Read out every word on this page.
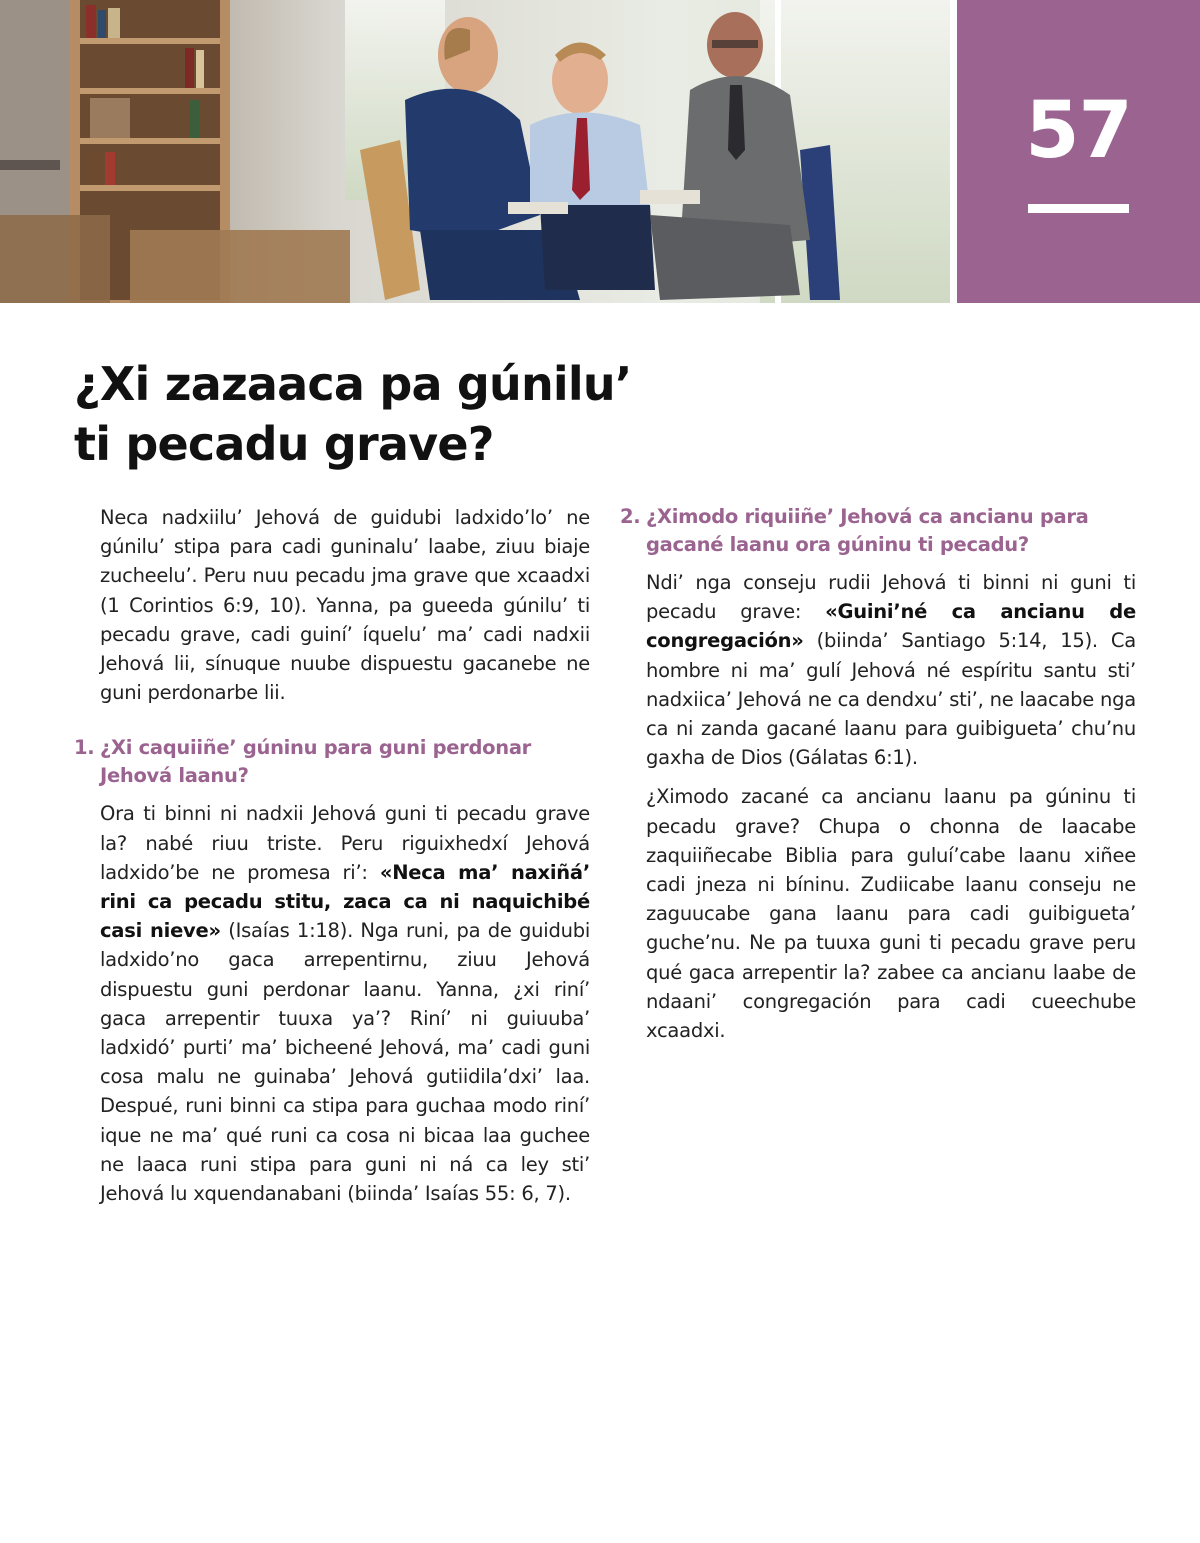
57
¿Xi zazaaca pa gúnilu’
ti pecadu grave?

Neca nadxiilu’ Jehová de guidubi ladxido’lo’ ne gúnilu’ stipa para cadi guninalu’ laabe, ziuu biaje zucheelu’. Peru nuu pecadu jma grave que xcaadxi (1 Corintios 6:9, 10). Yanna, pa gueeda gúnilu’ ti pecadu grave, cadi guiní’ íquelu’ ma’ cadi nadxii Jehová lii, sínuque nuube dispuestu gacanebe ne guni perdonarbe lii.

1. ¿Xi caquiiñe’ gúninu para guni perdonar Jehová laanu?

Ora ti binni ni nadxii Jehová guni ti pecadu grave la? nabé riuu triste. Peru riguixhedxí Jehová ladxido’be ne promesa ri’: «Neca ma’ naxiñá’ rini ca pecadu stitu, zaca ca ni naquichibé casi nieve» (Isaías 1:18). Nga runi, pa de guidubi ladxido’no gaca arrepentirnu, ziuu Jehová dispuestu guni perdonar laanu. Yanna, ¿xi riní’ gaca arrepentir tuuxa ya’? Riní’ ni guiuuba’ ladxidó’ purti’ ma’ bicheené Jehová, ma’ cadi guni cosa malu ne guinaba’ Jehová gutiidila’dxi’ laa. Despué, runi binni ca stipa para guchaa modo riní’ ique ne ma’ qué runi ca cosa ni bicaa laa guchee ne laaca runi stipa para guni ni ná ca ley sti’ Jehová lu xquendanabani (biinda’ Isaías 55: 6, 7).

2. ¿Ximodo riquiiñe’ Jehová ca ancianu para gacané laanu ora gúninu ti pecadu?

Ndi’ nga conseju rudii Jehová ti binni ni guni ti pecadu grave: «Guini’né ca ancianu de congregación» (biinda’ Santiago 5:14, 15). Ca hombre ni ma’ gulí Jehová né espíritu santu sti’ nadxiica’ Jehová ne ca dendxu’ sti’, ne laacabe nga ca ni zanda gacané laanu para guibigueta’ chu’nu gaxha de Dios (Gálatas 6:1).

¿Ximodo zacané ca ancianu laanu pa gúninu ti pecadu grave? Chupa o chonna de laacabe zaquiiñecabe Biblia para guluí’cabe laanu xiñee cadi jneza ni bíninu. Zudiicabe laanu conseju ne zaguucabe gana laanu para cadi guibigueta’ guche’nu. Ne pa tuuxa guni ti pecadu grave peru qué gaca arrepentir la? zabee ca ancianu laabe de ndaani’ congregación para cadi cueechube xcaadxi.
